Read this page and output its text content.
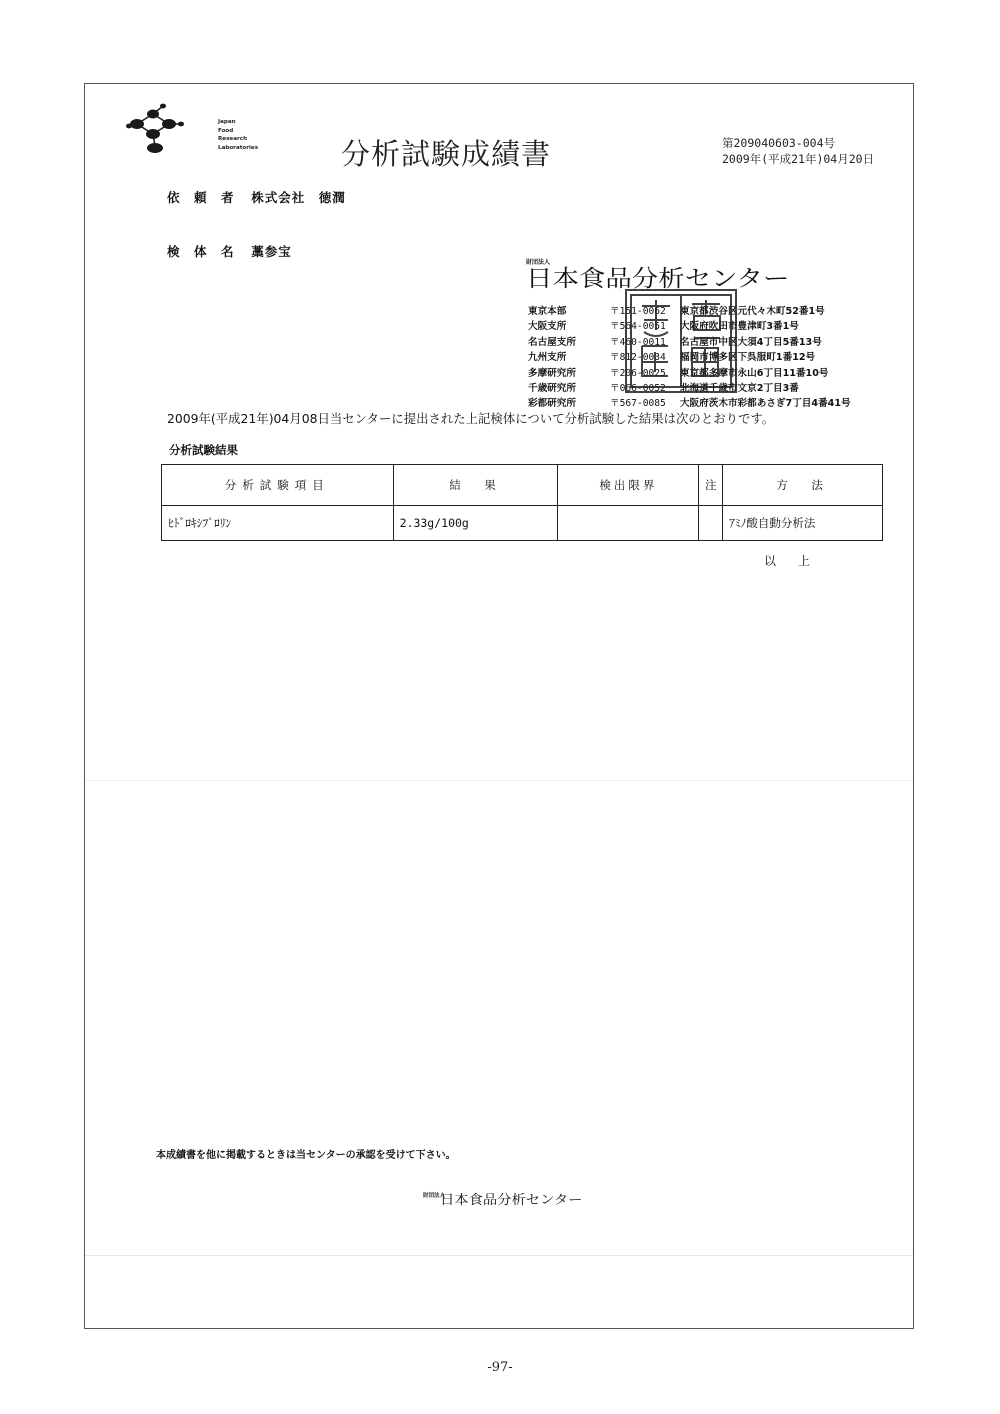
Japan
Food
Research
Laboratories	分析試験成績書	第209040603-004号
2009年(平成21年)04月20日
依　頼　者 株式会社　徳潤
検　体　名 藁参宝
財団法人
日本食品分析センター
東京本部	〒151-0062 東京都渋谷区元代々木町52番1号
大阪支所	〒564-0051 大阪府吹田市豊津町3番1号
名古屋支所	〒460-0011 名古屋市中区大須4丁目5番13号
九州支所	〒812-0034 福岡市博多区下呉服町1番12号
多摩研究所	〒206-0025 東京都多摩市永山6丁目11番10号
千歳研究所	〒066-0052 北海道千歳市文京2丁目3番
彩都研究所	〒567-0085 大阪府茨木市彩都あさぎ7丁目4番41号
2009年(平成21年)04月08日当センターに提出された上記検体について分析試験した結果は次のとおりです。
分析試験結果
分析試験項目	結　果	検出限界	注	方　法
ﾋﾄﾞﾛｷｼﾌﾟﾛﾘﾝ	2.33g/100g			ｱﾐﾉ酸自動分析法
以上
本成績書を他に掲載するときは当センターの承認を受けて下さい。
財団法人
日本食品分析センター
-97-
